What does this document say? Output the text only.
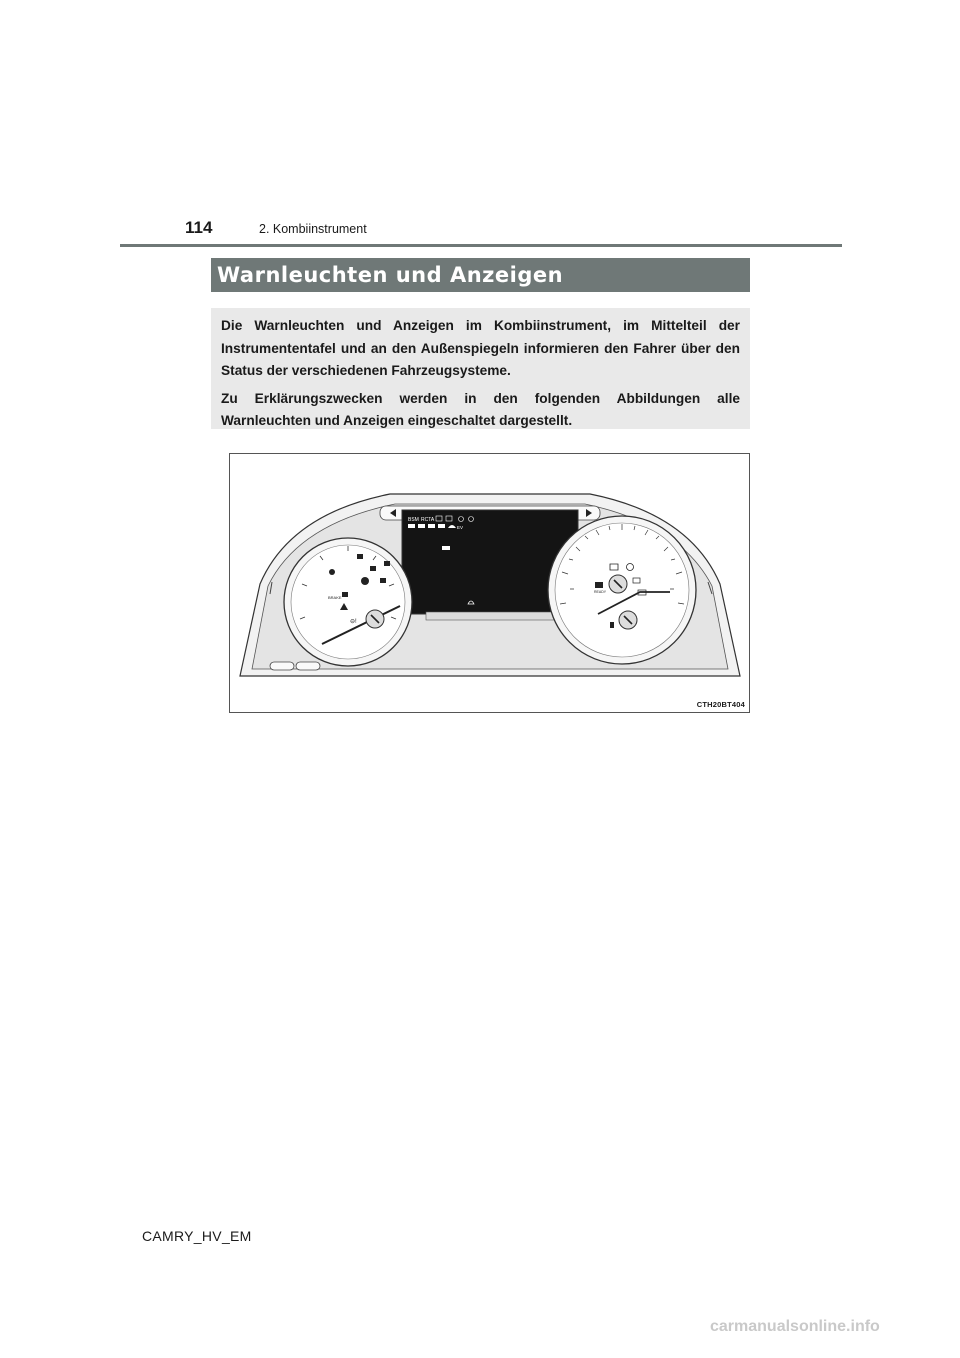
114	2. Kombiinstrument
Warnleuchten und Anzeigen

Die Warnleuchten und Anzeigen im Kombiinstrument, im Mittelteil der Instrumententafel und an den Außenspiegeln informieren den Fahrer über den Status der verschiedenen Fahrzeugsysteme.

Zu Erklärungszwecken werden in den folgenden Abbildungen alle Warnleuchten und Anzeigen eingeschaltet dargestellt.

BSM RCTA
EV
BRAKE
⊖!
READY
CTH20BT404
CAMRY_HV_EM
carmanualsonline.info
